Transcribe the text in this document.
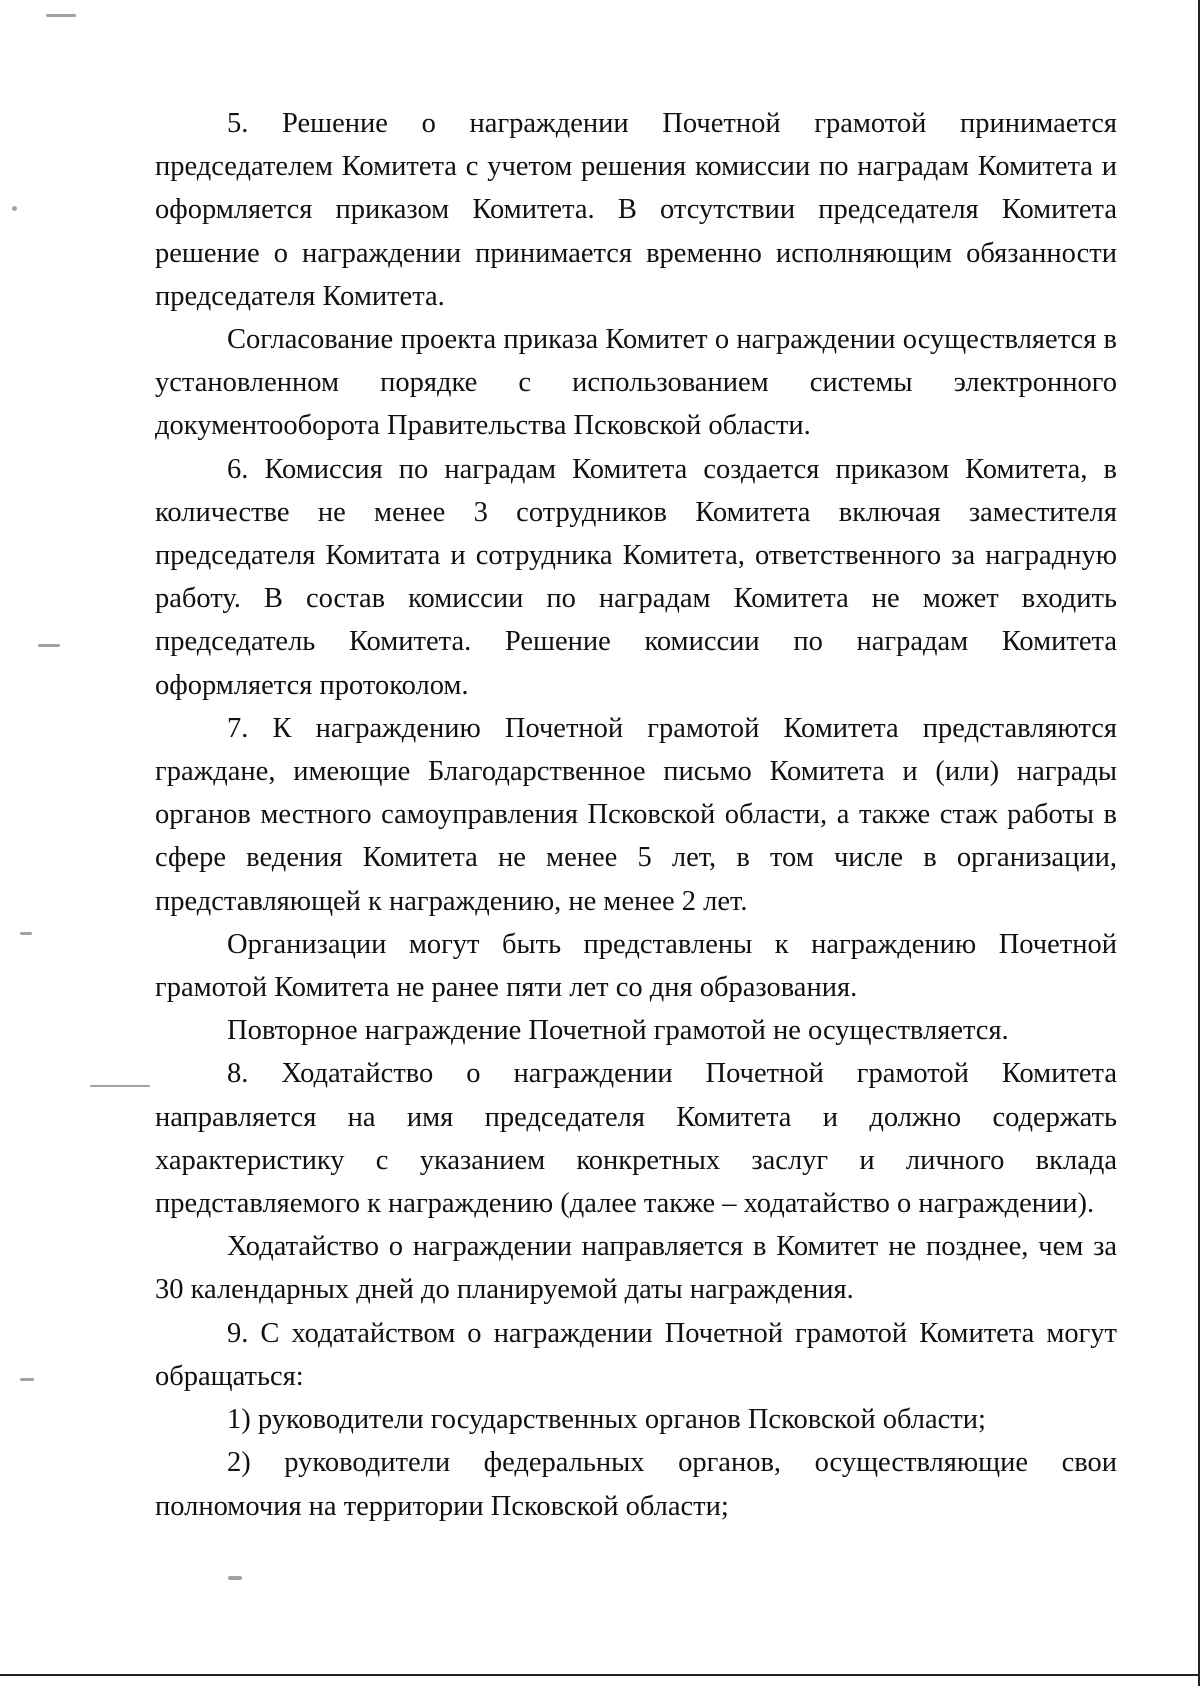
5. Решение о награждении Почетной грамотой принимается председателем Комитета с учетом решения комиссии по наградам Комитета и оформляется приказом Комитета. В отсутствии председателя Комитета решение о награждении принимается временно исполняющим обязанности председателя Комитета.

Согласование проекта приказа Комитет о награждении осуществляется в установленном порядке с использованием системы электронного документооборота Правительства Псковской области.

6. Комиссия по наградам Комитета создается приказом Комитета, в количестве не менее 3 сотрудников Комитета включая заместителя председателя Комитата и сотрудника Комитета, ответственного за наградную работу. В состав комиссии по наградам Комитета не может входить председатель Комитета. Решение комиссии по наградам Комитета оформляется протоколом.

7. К награждению Почетной грамотой Комитета представляются граждане, имеющие Благодарственное письмо Комитета и (или) награды органов местного самоуправления Псковской области, а также стаж работы в сфере ведения Комитета не менее 5 лет, в том числе в организации, представляющей к награждению, не менее 2 лет.

Организации могут быть представлены к награждению Почетной грамотой Комитета не ранее пяти лет со дня образования.

Повторное награждение Почетной грамотой не осуществляется.

8. Ходатайство о награждении Почетной грамотой Комитета направляется на имя председателя Комитета и должно содержать характеристику с указанием конкретных заслуг и личного вклада представляемого к награждению (далее также – ходатайство о награждении).

Ходатайство о награждении направляется в Комитет не позднее, чем за 30 календарных дней до планируемой даты награждения.

9. С ходатайством о награждении Почетной грамотой Комитета могут обращаться:

1) руководители государственных органов Псковской области;

2) руководители федеральных органов, осуществляющие свои полномочия на территории Псковской области;
